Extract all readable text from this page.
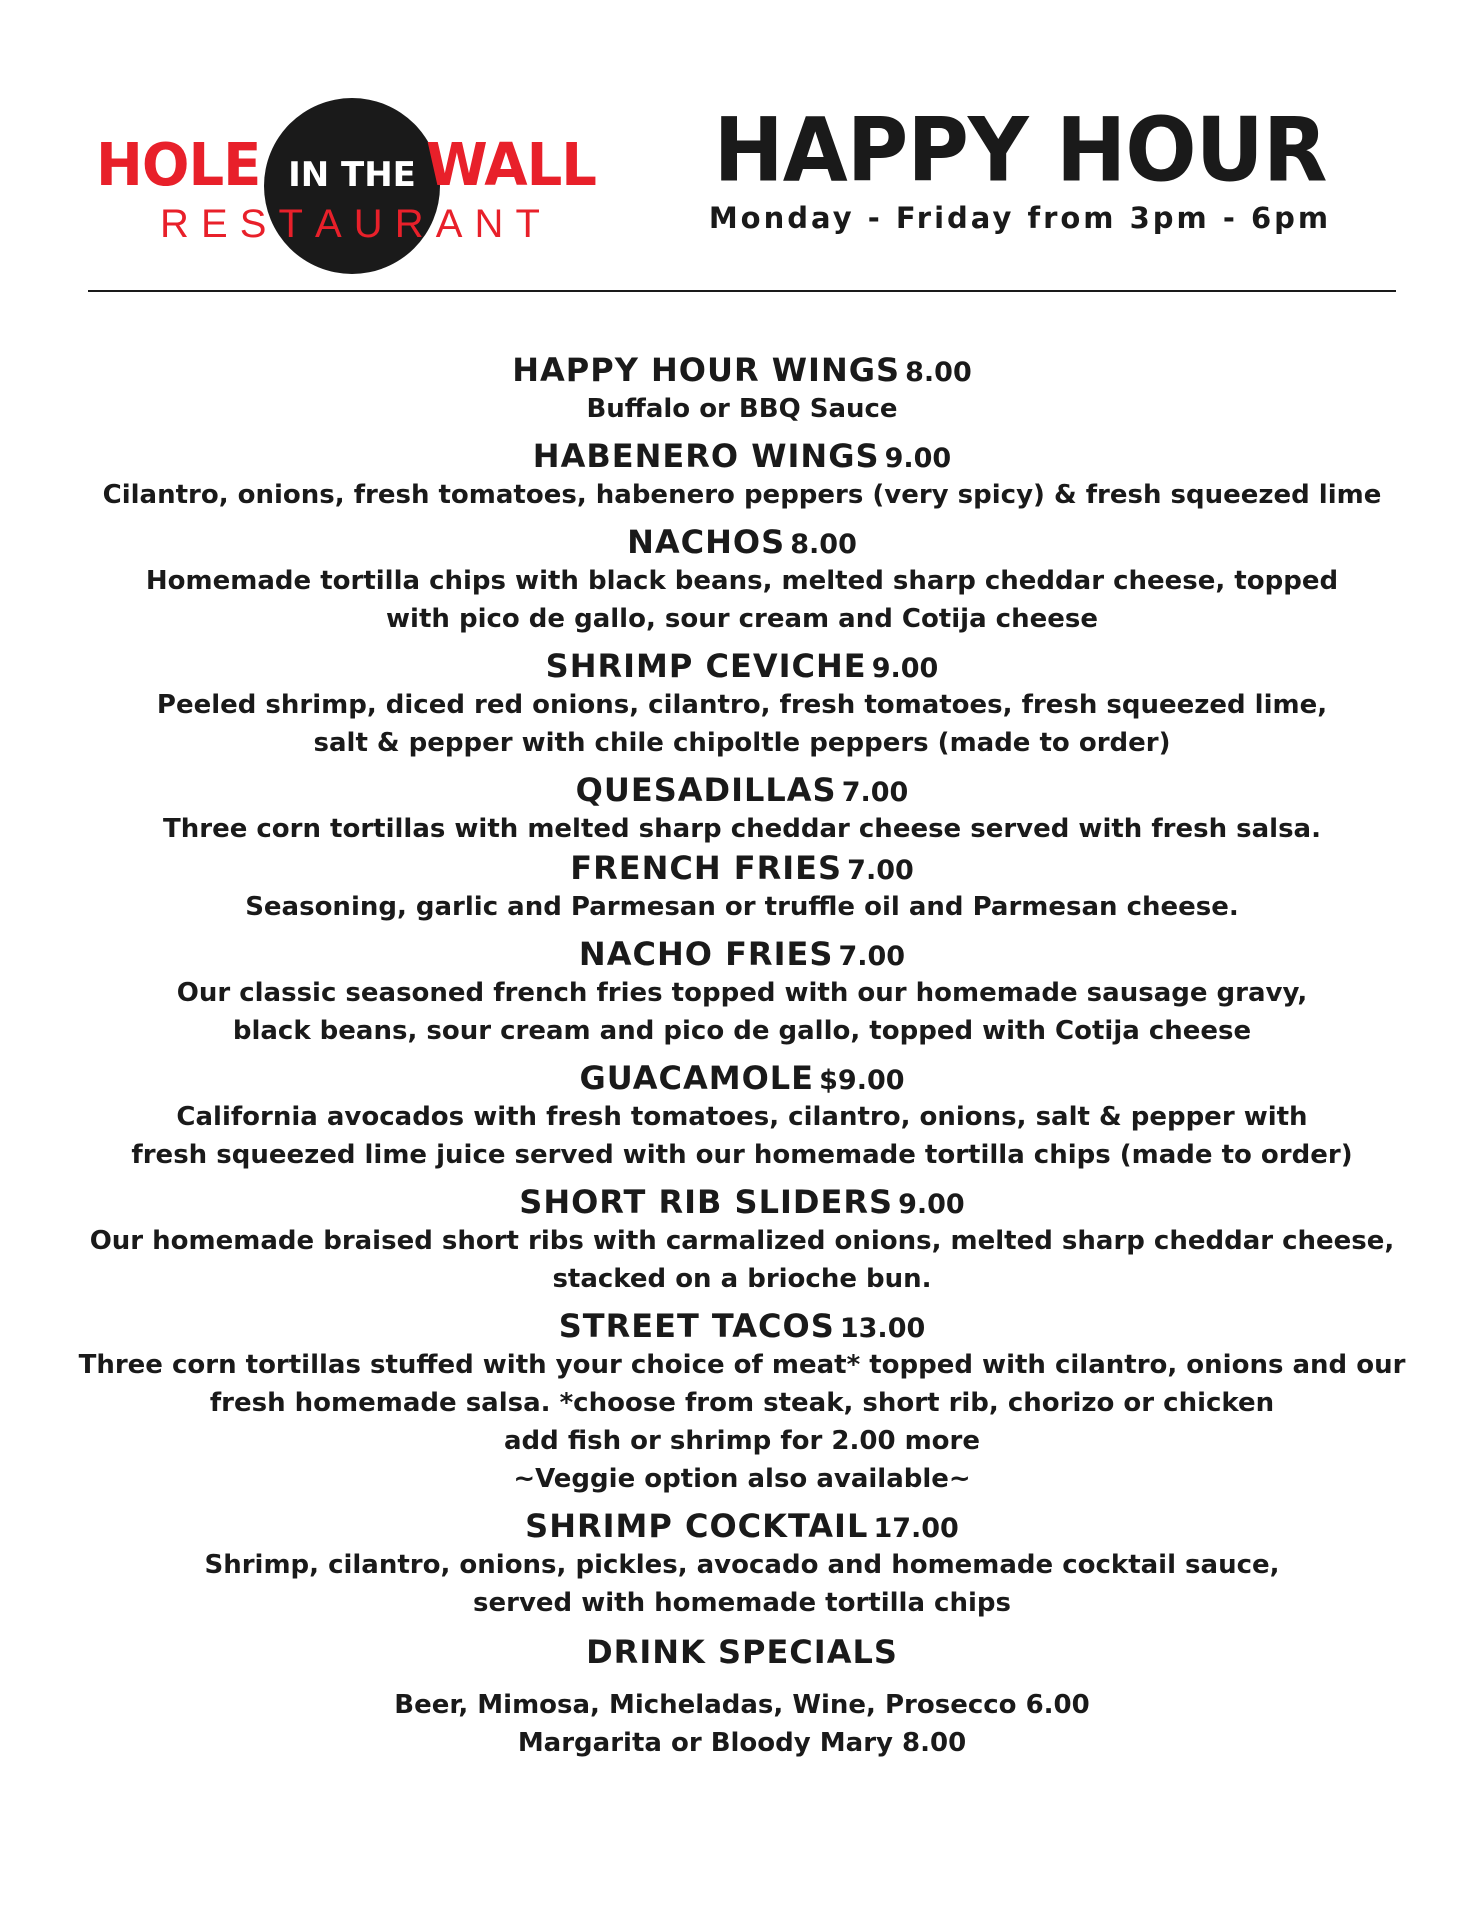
HOLE IN THE WALL
R E S T A U R A N T
HAPPY HOUR
Monday - Friday from 3pm - 6pm
HAPPY HOUR WINGS 8.00
Buffalo or BBQ Sauce
HABENERO WINGS 9.00
Cilantro, onions, fresh tomatoes, habenero peppers (very spicy) & fresh squeezed lime
NACHOS 8.00
Homemade tortilla chips with black beans, melted sharp cheddar cheese, topped
with pico de gallo, sour cream and Cotija cheese
SHRIMP CEVICHE 9.00
Peeled shrimp, diced red onions, cilantro, fresh tomatoes, fresh squeezed lime,
salt & pepper with chile chipoltle peppers (made to order)
QUESADILLAS 7.00
Three corn tortillas with melted sharp cheddar cheese served with fresh salsa.
FRENCH FRIES 7.00
Seasoning, garlic and Parmesan or truffle oil and Parmesan cheese.
NACHO FRIES 7.00
Our classic seasoned french fries topped with our homemade sausage gravy,
black beans, sour cream and pico de gallo, topped with Cotija cheese
GUACAMOLE $9.00
California avocados with fresh tomatoes, cilantro, onions, salt & pepper with
fresh squeezed lime juice served with our homemade tortilla chips (made to order)
SHORT RIB SLIDERS 9.00
Our homemade braised short ribs with carmalized onions, melted sharp cheddar cheese,
stacked on a brioche bun.
STREET TACOS 13.00
Three corn tortillas stuffed with your choice of meat* topped with cilantro, onions and our
fresh homemade salsa. *choose from steak, short rib, chorizo or chicken
add fish or shrimp for 2.00 more
~Veggie option also available~
SHRIMP COCKTAIL 17.00
Shrimp, cilantro, onions, pickles, avocado and homemade cocktail sauce,
served with homemade tortilla chips
DRINK SPECIALS
Beer, Mimosa, Micheladas, Wine, Prosecco 6.00
Margarita or Bloody Mary 8.00
